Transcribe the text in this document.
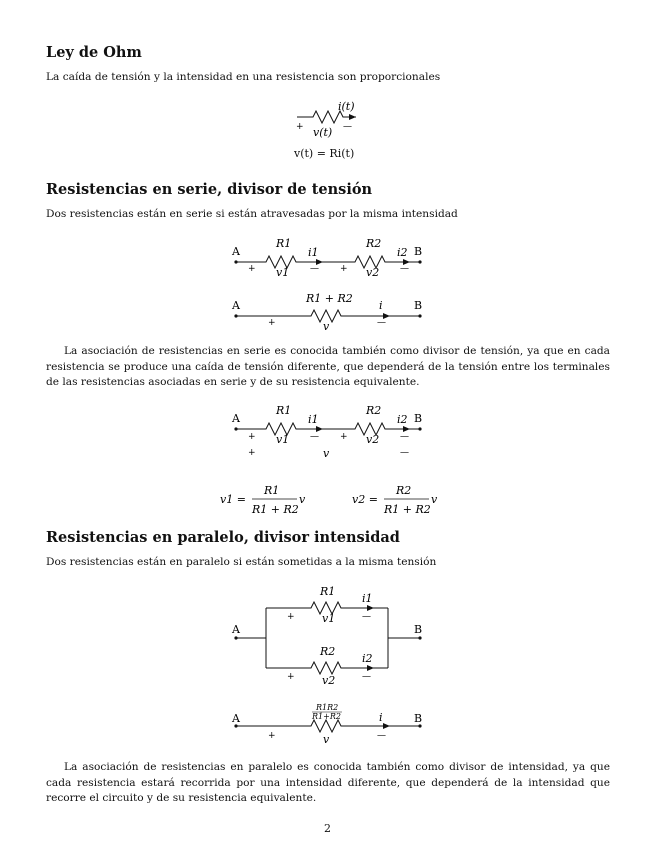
Ley de Ohm
La caída de tensión y la intensidad en una resistencia son proporcionales
i(t)
+ v(t) —
v(t) = Ri(t)
Resistencias en serie, divisor de tensión
Dos resistencias están en serie si están atravesadas por la misma intensidad
A	B
R1	R2
i1	i2
+ v1 — + v2 —
A	B
R1 + R2
i
+	v	—
La asociación de resistencias en serie es conocida también como divisor de tensión, ya que en cada resistencia se produce una caída de tensión diferente, que dependerá de la tensión entre los terminales de las resistencias asociadas en serie y de su resistencia equivalente.
A	B
R1	R2
i1	i2
+ v1 — + v2 —
+	v	—
v1 =
R1
R1 + R2
v	v2 =
R2
R1 + R2
v
Resistencias en paralelo, divisor intensidad
Dos resistencias están en paralelo si están sometidas a la misma tensión
A	B
R1
i1
+ v1	—
R2
i2
+ v2	—
A	B
R1R2
R1+R2	i
+	v	—
La asociación de resistencias en paralelo es conocida también como divisor de intensidad, ya que cada resistencia estará recorrida por una intensidad diferente, que dependerá de la intensidad que recorre el circuito y de su resistencia equivalente.
2
